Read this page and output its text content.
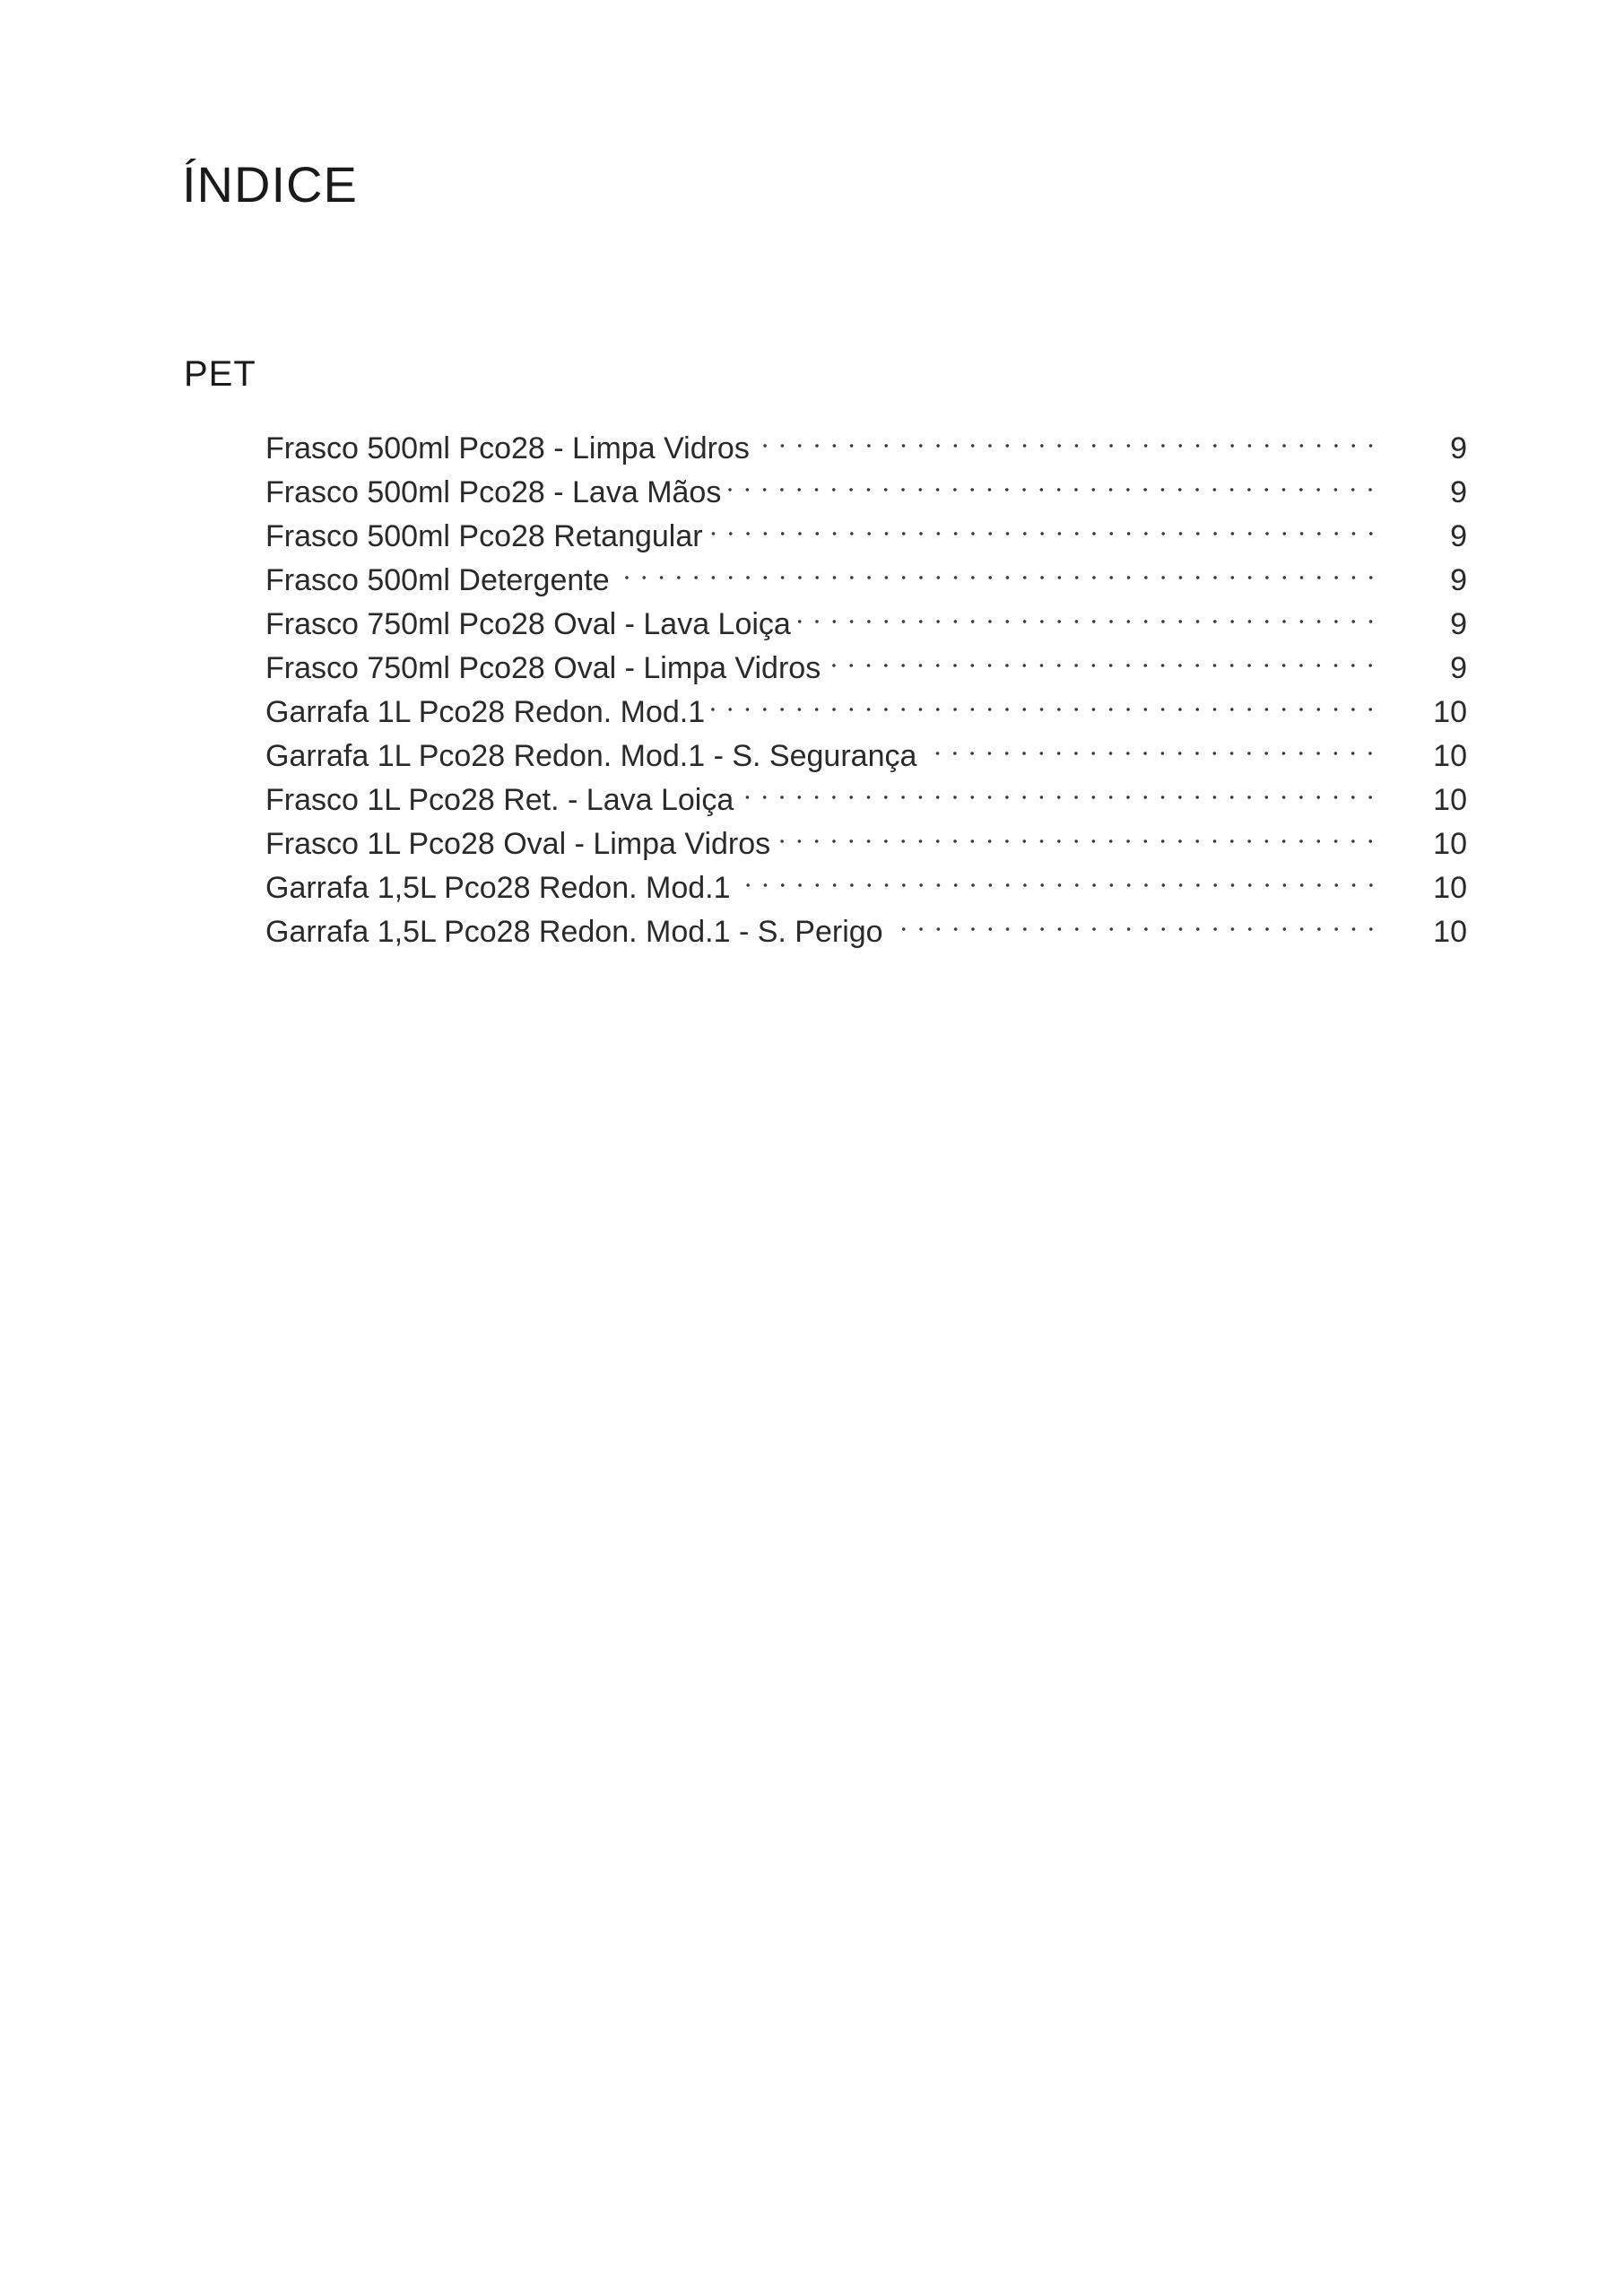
ÍNDICE
PET
Frasco 500ml Pco28 - Limpa Vidros	9
Frasco 500ml Pco28 - Lava Mãos	9
Frasco 500ml Pco28 Retangular	9
Frasco 500ml Detergente	9
Frasco 750ml Pco28 Oval - Lava Loiça	9
Frasco 750ml Pco28 Oval - Limpa Vidros	9
Garrafa 1L Pco28 Redon. Mod.1	10
Garrafa 1L Pco28 Redon. Mod.1 - S. Segurança	10
Frasco 1L Pco28 Ret. - Lava Loiça	10
Frasco 1L Pco28 Oval - Limpa Vidros	10
Garrafa 1,5L Pco28 Redon. Mod.1	10
Garrafa 1,5L Pco28 Redon. Mod.1 - S. Perigo	10
